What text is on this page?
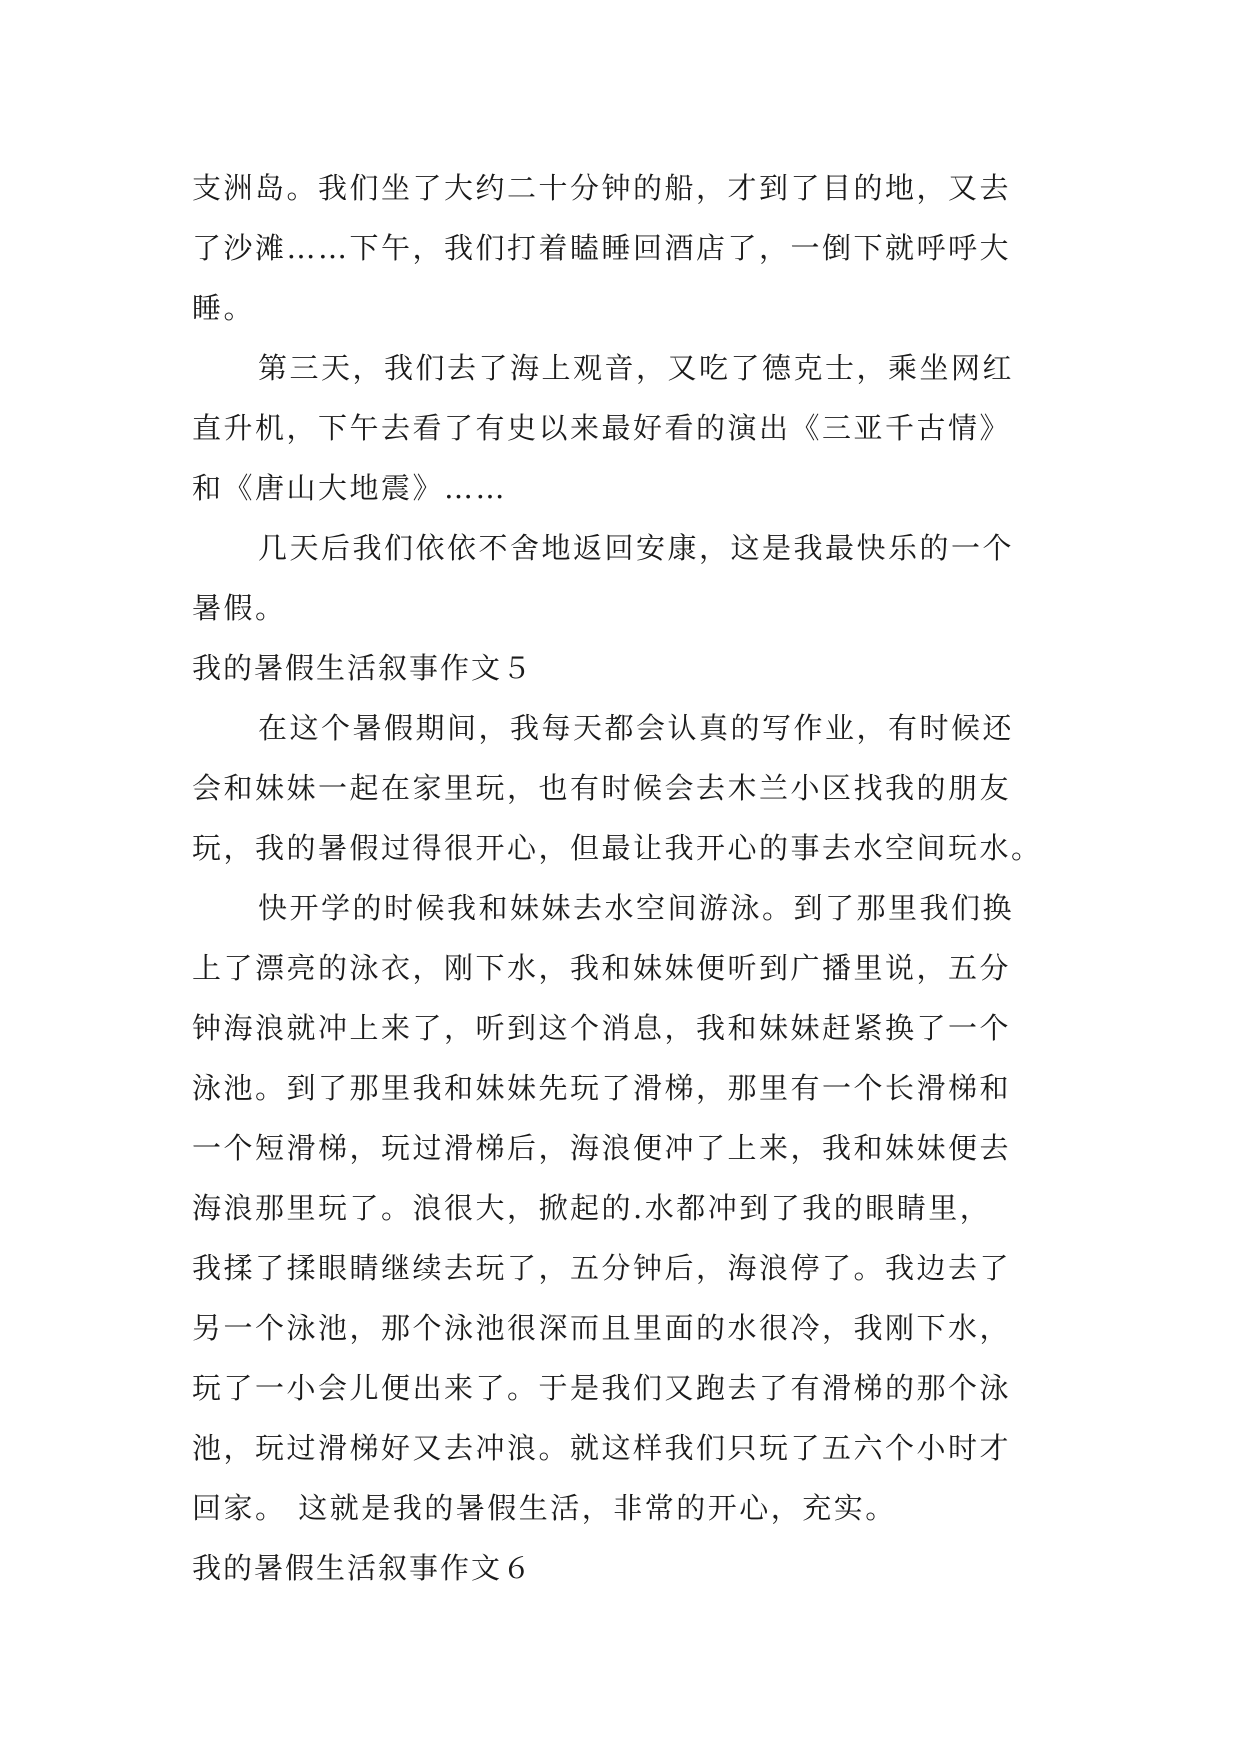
支洲岛。我们坐了大约二十分钟的船，才到了目的地，又去
了沙滩……下午，我们打着瞌睡回酒店了，一倒下就呼呼大
睡。
第三天，我们去了海上观音，又吃了德克士，乘坐网红
直升机，下午去看了有史以来最好看的演出《三亚千古情》
和《唐山大地震》……
几天后我们依依不舍地返回安康，这是我最快乐的一个
暑假。
我的暑假生活叙事作文５
在这个暑假期间，我每天都会认真的写作业，有时候还
会和妹妹一起在家里玩，也有时候会去木兰小区找我的朋友
玩，我的暑假过得很开心，但最让我开心的事去水空间玩水。
快开学的时候我和妹妹去水空间游泳。到了那里我们换
上了漂亮的泳衣，刚下水，我和妹妹便听到广播里说，五分
钟海浪就冲上来了，听到这个消息，我和妹妹赶紧换了一个
泳池。到了那里我和妹妹先玩了滑梯，那里有一个长滑梯和
一个短滑梯，玩过滑梯后，海浪便冲了上来，我和妹妹便去
海浪那里玩了。浪很大，掀起的.水都冲到了我的眼睛里，
我揉了揉眼睛继续去玩了，五分钟后，海浪停了。我边去了
另一个泳池，那个泳池很深而且里面的水很冷，我刚下水，
玩了一小会儿便出来了。于是我们又跑去了有滑梯的那个泳
池，玩过滑梯好又去冲浪。就这样我们只玩了五六个小时才
回家。 这就是我的暑假生活，非常的开心，充实。
我的暑假生活叙事作文６
